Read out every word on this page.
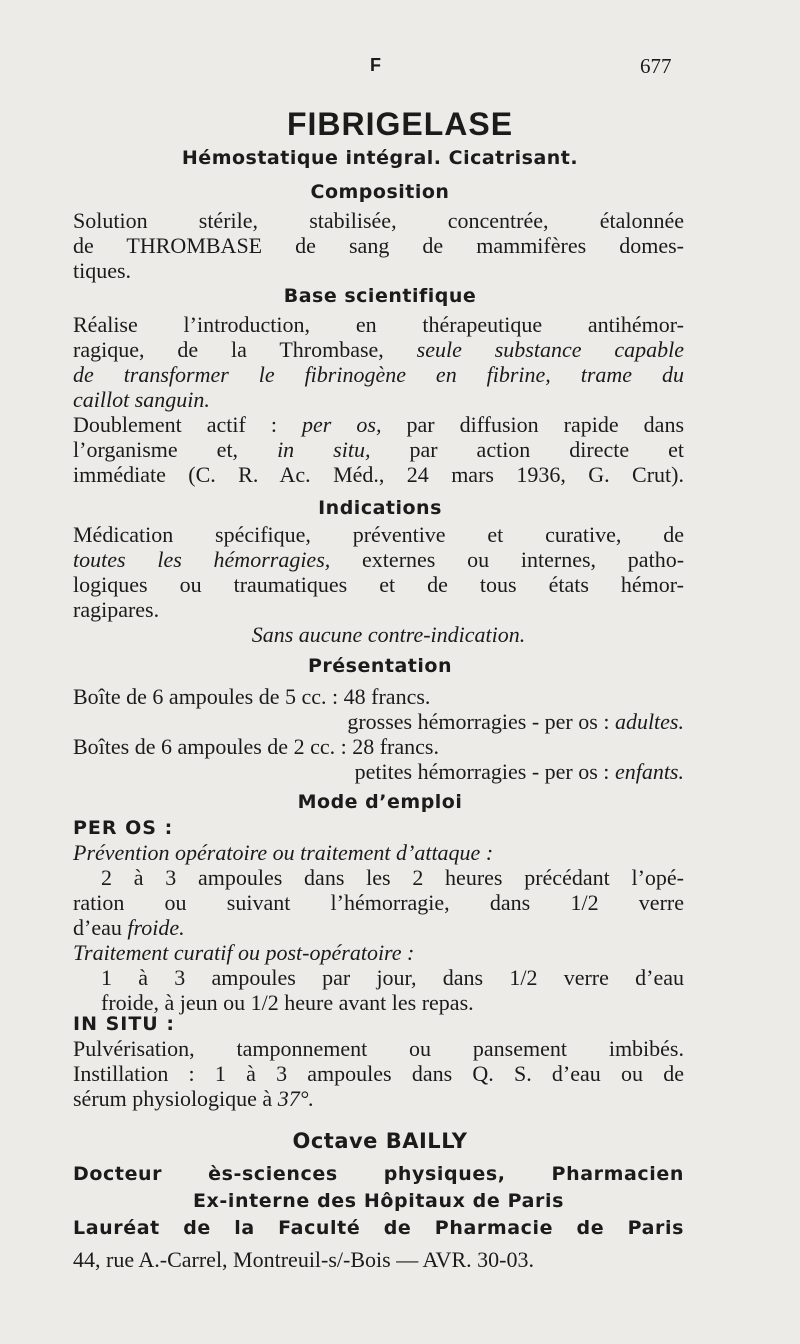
F	677
FIBRIGELASE
Hémostatique intégral. Cicatrisant.
Composition
Solution stérile, stabilisée, concentrée, étalonnée
de THROMBASE de sang de mammifères domes-
tiques.
Base scientifique
Réalise l’introduction, en thérapeutique antihémor-
ragique, de la Thrombase, seule substance capable
de transformer le fibrinogène en fibrine, trame du
caillot sanguin.
Doublement actif : per os, par diffusion rapide dans
l’organisme et, in situ, par action directe et
immédiate (C. R. Ac. Méd., 24 mars 1936, G. Crut).
Indications
Médication spécifique, préventive et curative, de
toutes les hémorragies, externes ou internes, patho-
logiques ou traumatiques et de tous états hémor-
ragipares.
Sans aucune contre-indication.
Présentation
Boîte de 6 ampoules de 5 cc. : 48 francs.
grosses hémorragies - per os : adultes.
Boîtes de 6 ampoules de 2 cc. : 28 francs.
petites hémorragies - per os : enfants.
Mode d’emploi
PER OS :
Prévention opératoire ou traitement d’attaque :
2 à 3 ampoules dans les 2 heures précédant l’opé-
ration ou suivant l’hémorragie, dans 1/2 verre
d’eau froide.
Traitement curatif ou post-opératoire :
1 à 3 ampoules par jour, dans 1/2 verre d’eau
froide, à jeun ou 1/2 heure avant les repas.
IN SITU :
Pulvérisation, tamponnement ou pansement imbibés.
Instillation : 1 à 3 ampoules dans Q. S. d’eau ou de
sérum physiologique à 37°.
Octave BAILLY
Docteur ès-sciences physiques, Pharmacien
Ex-interne des Hôpitaux de Paris
Lauréat de la Faculté de Pharmacie de Paris
44, rue A.-Carrel, Montreuil-s/-Bois — AVR. 30-03.
